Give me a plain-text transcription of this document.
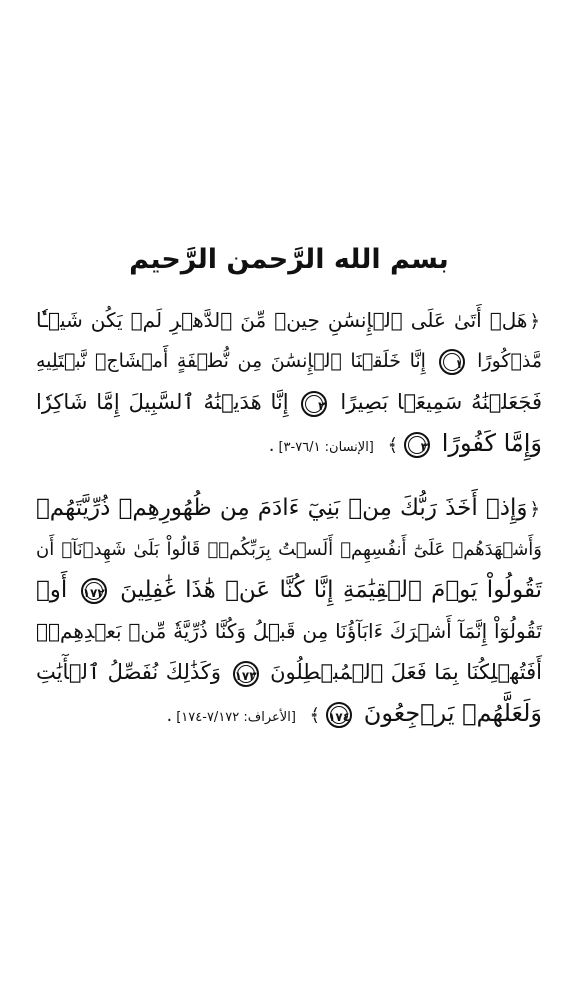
بسم الله الرَّحمن الرَّحيم
﴿هَلۡ أَتَىٰ عَلَى ٱلۡإِنسَٰنِ حِينٞ مِّنَ ٱلدَّهۡرِ لَمۡ يَكُن شَيۡـٔٗا
مَّذۡكُورًا ١ إِنَّا خَلَقۡنَا ٱلۡإِنسَٰنَ مِن نُّطۡفَةٍ أَمۡشَاجٖ نَّبۡتَلِيهِ
فَجَعَلۡنَٰهُ سَمِيعَۢا بَصِيرًا ٢ إِنَّا هَدَيۡنَٰهُ ٱلسَّبِيلَ إِمَّا شَاكِرٗا
وَإِمَّا كَفُورًا ٣﴾ [الإنسان: ٧٦/١-٣].
﴿وَإِذۡ أَخَذَ رَبُّكَ مِنۢ بَنِيٓ ءَادَمَ مِن ظُهُورِهِمۡ ذُرِّيَّتَهُمۡ
وَأَشۡهَدَهُمۡ عَلَىٰٓ أَنفُسِهِمۡ أَلَسۡتُ بِرَبِّكُمۡۖ قَالُواْ بَلَىٰ شَهِدۡنَآۚ أَن
تَقُولُواْ يَوۡمَ ٱلۡقِيَٰمَةِ إِنَّا كُنَّا عَنۡ هَٰذَا غَٰفِلِينَ ١٧٢ أَوۡ
تَقُولُوٓاْ إِنَّمَآ أَشۡرَكَ ءَابَآؤُنَا مِن قَبۡلُ وَكُنَّا ذُرِّيَّةٗ مِّنۢ بَعۡدِهِمۡۖ
أَفَتُهۡلِكُنَا بِمَا فَعَلَ ٱلۡمُبۡطِلُونَ ١٧٣ وَكَذَٰلِكَ نُفَصِّلُ ٱلۡأٓيَٰتِ
وَلَعَلَّهُمۡ يَرۡجِعُونَ ١٧٤﴾ [الأعراف: ٧/١٧٢-١٧٤].
